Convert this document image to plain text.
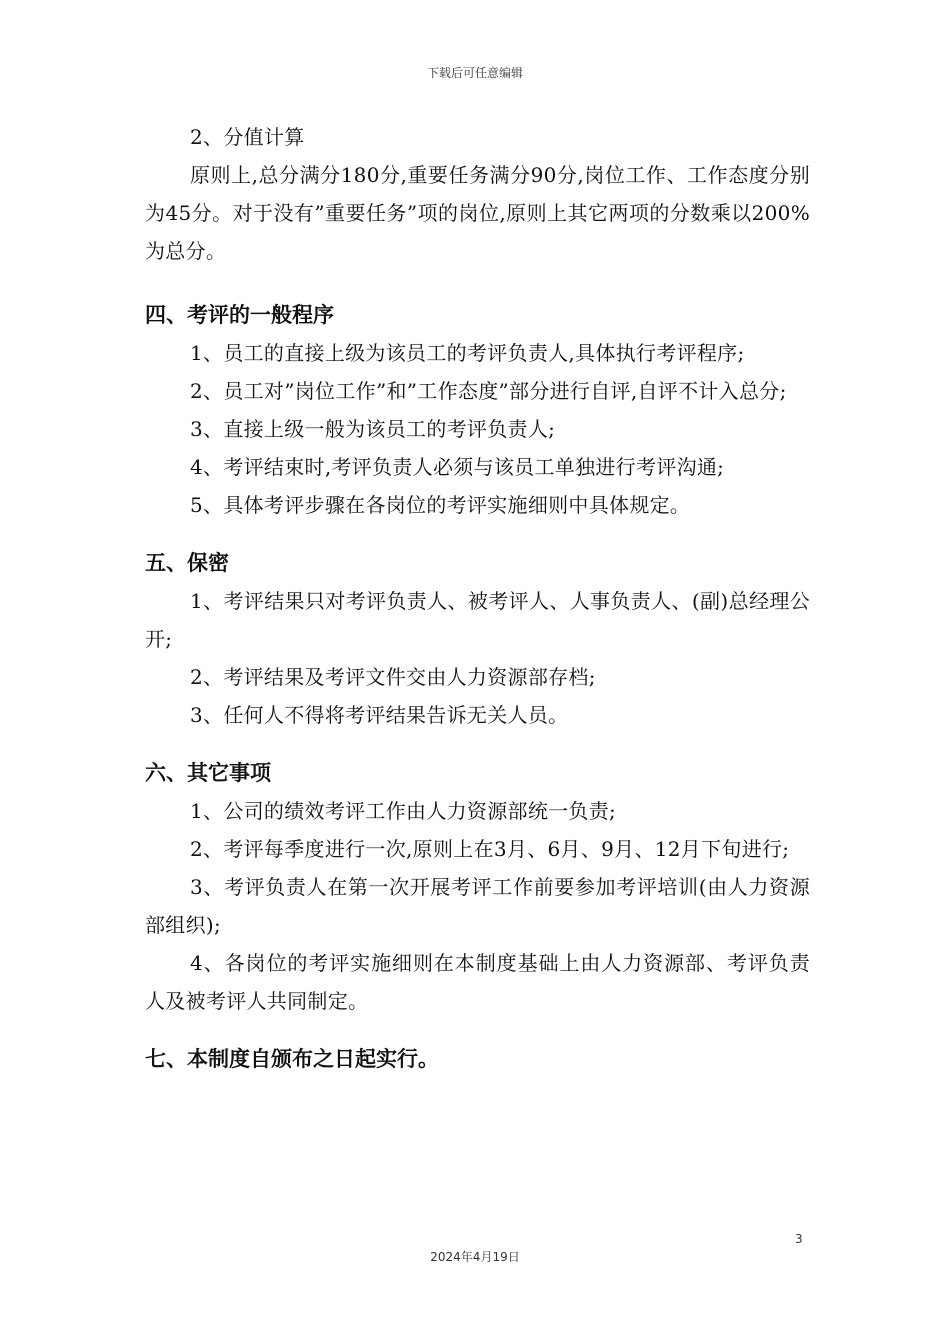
下载后可任意编辑

2、分值计算

原则上,总分满分180分,重要任务满分90分,岗位工作、工作态度分别为45分。对于没有”重要任务”项的岗位,原则上其它两项的分数乘以200%为总分。

四、考评的一般程序

1、员工的直接上级为该员工的考评负责人,具体执行考评程序;

2、员工对”岗位工作”和”工作态度”部分进行自评,自评不计入总分;

3、直接上级一般为该员工的考评负责人;

4、考评结束时,考评负责人必须与该员工单独进行考评沟通;

5、具体考评步骤在各岗位的考评实施细则中具体规定。

五、保密

1、考评结果只对考评负责人、被考评人、人事负责人、(副)总经理公开;

2、考评结果及考评文件交由人力资源部存档;

3、任何人不得将考评结果告诉无关人员。

六、其它事项

1、公司的绩效考评工作由人力资源部统一负责;

2、考评每季度进行一次,原则上在3月、6月、9月、12月下旬进行;

3、考评负责人在第一次开展考评工作前要参加考评培训(由人力资源部组织);

4、各岗位的考评实施细则在本制度基础上由人力资源部、考评负责人及被考评人共同制定。

七、本制度自颁布之日起实行。
3
2024年4月19日
